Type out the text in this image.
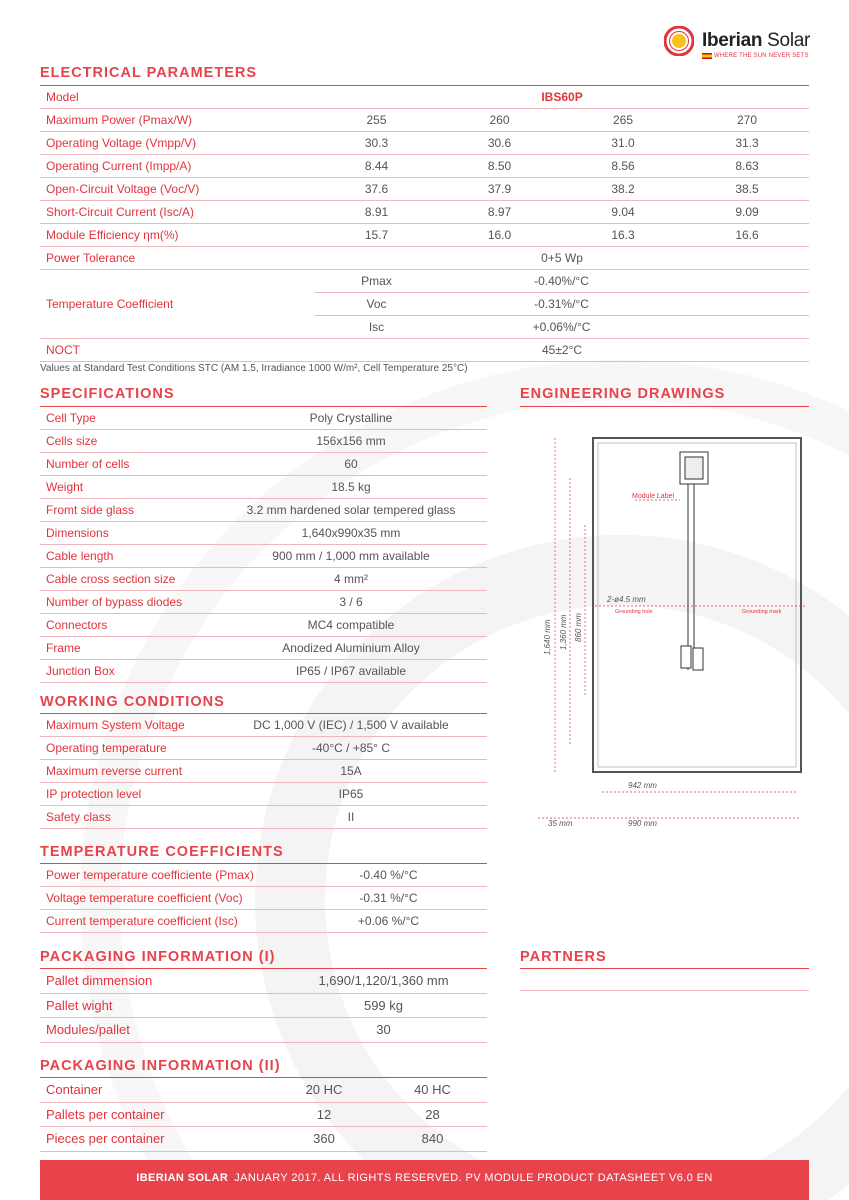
Iberian Solar
WHERE THE SUN NEVER SETS
ELECTRICAL PARAMETERS
Model	IBS60P			
Maximum Power (Pmax/W)	255	260	265	270
Operating Voltage (Vmpp/V)	30.3	30.6	31.0	31.3
Operating Current (Impp/A)	8.44	8.50	8.56	8.63
Open-Circuit Voltage (Voc/V)	37.6	37.9	38.2	38.5
Short-Circuit Current (Isc/A)	8.91	8.97	9.04	9.09
Module Efficiency ηm(%)	15.7	16.0	16.3	16.6
Power Tolerance	0+5 Wp			
Temperature Coefficient	Pmax	-0.40%/°C		
	Voc	-0.31%/°C		
	Isc	+0.06%/°C		
NOCT	45±2°C			
Values at Standard Test Conditions STC (AM 1.5, Irradiance 1000 W/m², Cell Temperature 25°C)
SPECIFICATIONS
Cell Type	Poly Crystalline
Cells size	156x156 mm
Number of cells	60
Weight	18.5 kg
Fromt side glass	3.2 mm hardened solar tempered glass
Dimensions	1,640x990x35 mm
Cable length	900 mm / 1,000 mm available
Cable cross section size	4 mm²
Number of bypass diodes	3 / 6
Connectors	MC4 compatible
Frame	Anodized Aluminium Alloy
Junction Box	IP65 / IP67 available
WORKING CONDITIONS
Maximum System Voltage	DC 1,000 V (IEC) / 1,500 V available
Operating temperature	-40°C / +85° C
Maximum reverse current	15A
IP protection level	IP65
Safety class	II
TEMPERATURE COEFFICIENTS
Power temperature coefficiente (Pmax)	-0.40 %/°C
Voltage temperature coefficient (Voc)	-0.31 %/°C
Current temperature coefficient (Isc)	+0.06 %/°C
PACKAGING INFORMATION (I)
Pallet dimmension	1,690/1,120/1,360 mm
Pallet wight	599 kg
Modules/pallet	30
PACKAGING INFORMATION (II)
Container	20 HC	40 HC
Pallets per container	12	28
Pieces per container	360	840
ENGINEERING DRAWINGS
Module Label
2-ø4.5 mm
Grounding hole	Grounding mark
1,640 mm 1,360 mm 860 mm
942 mm
35 mm	990 mm
PARTNERS
IBERIAN SOLAR JANUARY 2017. ALL RIGHTS RESERVED. PV MODULE PRODUCT DATASHEET V6.0 EN
